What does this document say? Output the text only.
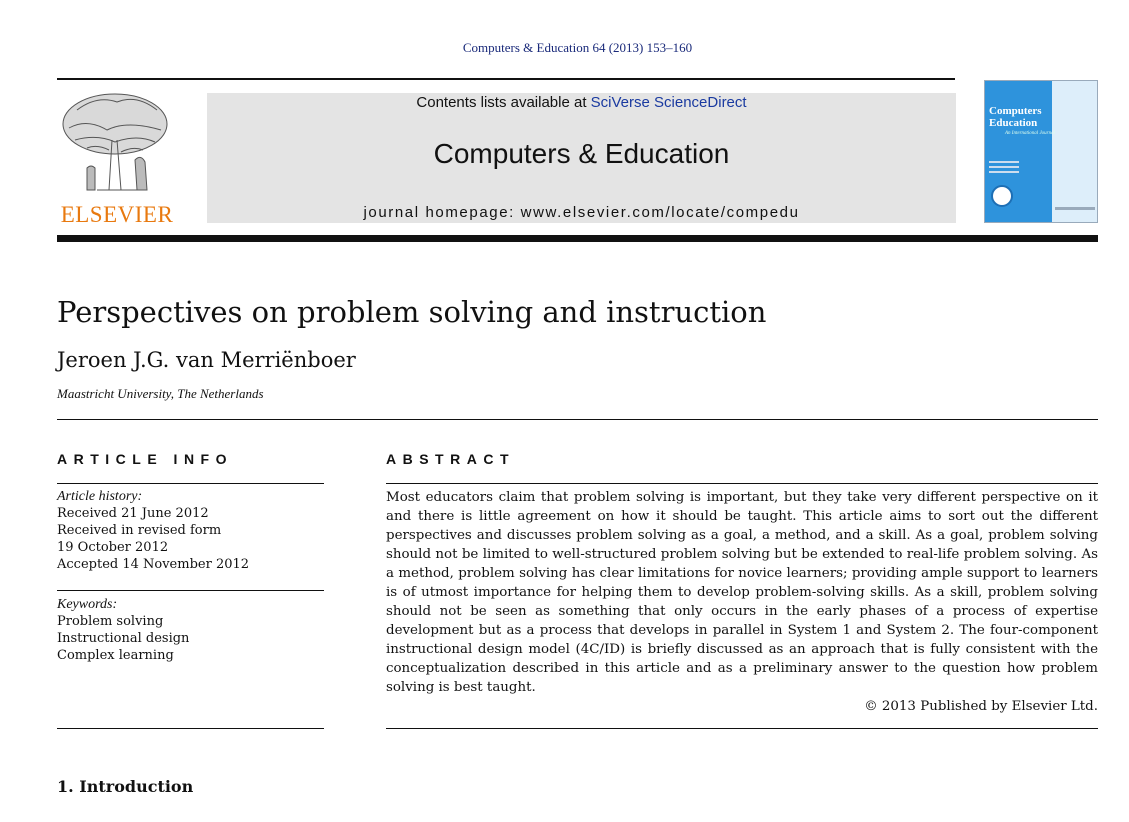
Computers & Education 64 (2013) 153–160
ELSEVIER
Contents lists available at SciVerse ScienceDirect
Computers & Education
journal homepage: www.elsevier.com/locate/compedu
Computers
Education
An International Journal
Perspectives on problem solving and instruction
Jeroen J.G. van Merriënboer
Maastricht University, The Netherlands
ARTICLE INFO	ABSTRACT
Article history:
Received 21 June 2012
Received in revised form
19 October 2012
Accepted 14 November 2012
Keywords:
Problem solving
Instructional design
Complex learning
Most educators claim that problem solving is important, but they take very different perspective on it and there is little agreement on how it should be taught. This article aims to sort out the different perspectives and discusses problem solving as a goal, a method, and a skill. As a goal, problem solving should not be limited to well-structured problem solving but be extended to real-life problem solving. As a method, problem solving has clear limitations for novice learners; providing ample support to learners is of utmost importance for helping them to develop problem-solving skills. As a skill, problem solving should not be seen as something that only occurs in the early phases of a process of expertise development but as a process that develops in parallel in System 1 and System 2. The four-component instructional design model (4C/ID) is briefly discussed as an approach that is fully consistent with the conceptualization described in this article and as a preliminary answer to the question how problem solving is best taught.
© 2013 Published by Elsevier Ltd.
1. Introduction
